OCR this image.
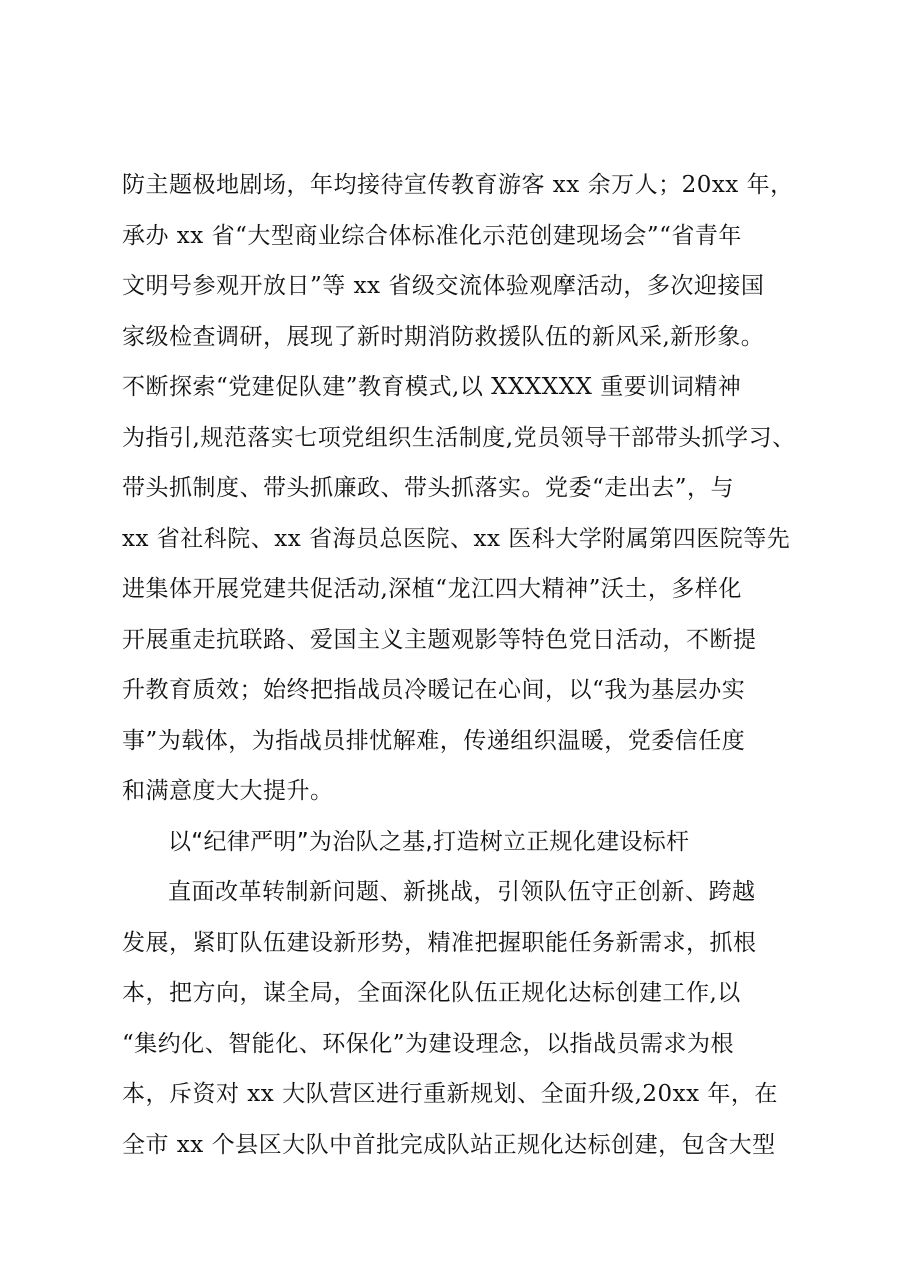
防主题极地剧场，年均接待宣传教育游客 xx 余万人；20xx 年，
承办 xx 省“大型商业综合体标准化示范创建现场会”“省青年
文明号参观开放日”等 xx 省级交流体验观摩活动，多次迎接国
家级检查调研，展现了新时期消防救援队伍的新风采,新形象。
不断探索“党建促队建”教育模式,以 XXXXXX 重要训词精神
为指引,规范落实七项党组织生活制度,党员领导干部带头抓学习、
带头抓制度、带头抓廉政、带头抓落实。党委“走出去”，与
xx 省社科院、xx 省海员总医院、xx 医科大学附属第四医院等先
进集体开展党建共促活动,深植“龙江四大精神”沃土，多样化
开展重走抗联路、爱国主义主题观影等特色党日活动，不断提
升教育质效；始终把指战员冷暖记在心间，以“我为基层办实
事”为载体，为指战员排忧解难，传递组织温暖，党委信任度
和满意度大大提升。
以“纪律严明”为治队之基,打造树立正规化建设标杆
直面改革转制新问题、新挑战，引领队伍守正创新、跨越
发展，紧盯队伍建设新形势，精准把握职能任务新需求，抓根
本，把方向，谋全局，全面深化队伍正规化达标创建工作,以
“集约化、智能化、环保化”为建设理念，以指战员需求为根
本，斥资对 xx 大队营区进行重新规划、全面升级,20xx 年，在
全市 xx 个县区大队中首批完成队站正规化达标创建，包含大型
